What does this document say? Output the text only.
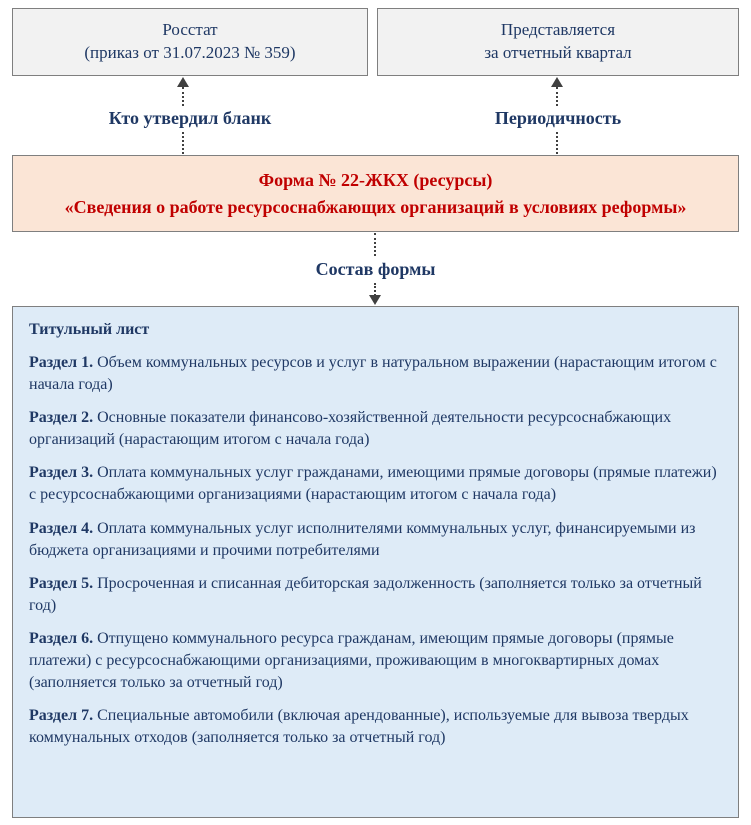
Росстат
(приказ от 31.07.2023 № 359)
Представляется
за отчетный квартал
Кто утвердил бланк	Периодичность
Форма № 22-ЖКХ (ресурсы)
«Сведения о работе ресурсоснабжающих организаций в условиях реформы»
Состав формы

Титульный лист

Раздел 1. Объем коммунальных ресурсов и услуг в натуральном выражении (нарастающим итогом с начала года)

Раздел 2. Основные показатели финансово-хозяйственной деятельности ресурсоснабжающих организаций (нарастающим итогом с начала года)

Раздел 3. Оплата коммунальных услуг гражданами, имеющими прямые договоры (прямые платежи) с ресурсоснабжающими организациями (нарастающим итогом с начала года)

Раздел 4. Оплата коммунальных услуг исполнителями коммунальных услуг, финансируемыми из бюджета организациями и прочими потребителями

Раздел 5. Просроченная и списанная дебиторская задолженность (заполняется только за отчетный год)

Раздел 6. Отпущено коммунального ресурса гражданам, имеющим прямые договоры (прямые платежи) с ресурсоснабжающими организациями, проживающим в многоквартирных домах (заполняется только за отчетный год)

Раздел 7. Специальные автомобили (включая арендованные), используемые для вывоза твердых коммунальных отходов (заполняется только за отчетный год)
